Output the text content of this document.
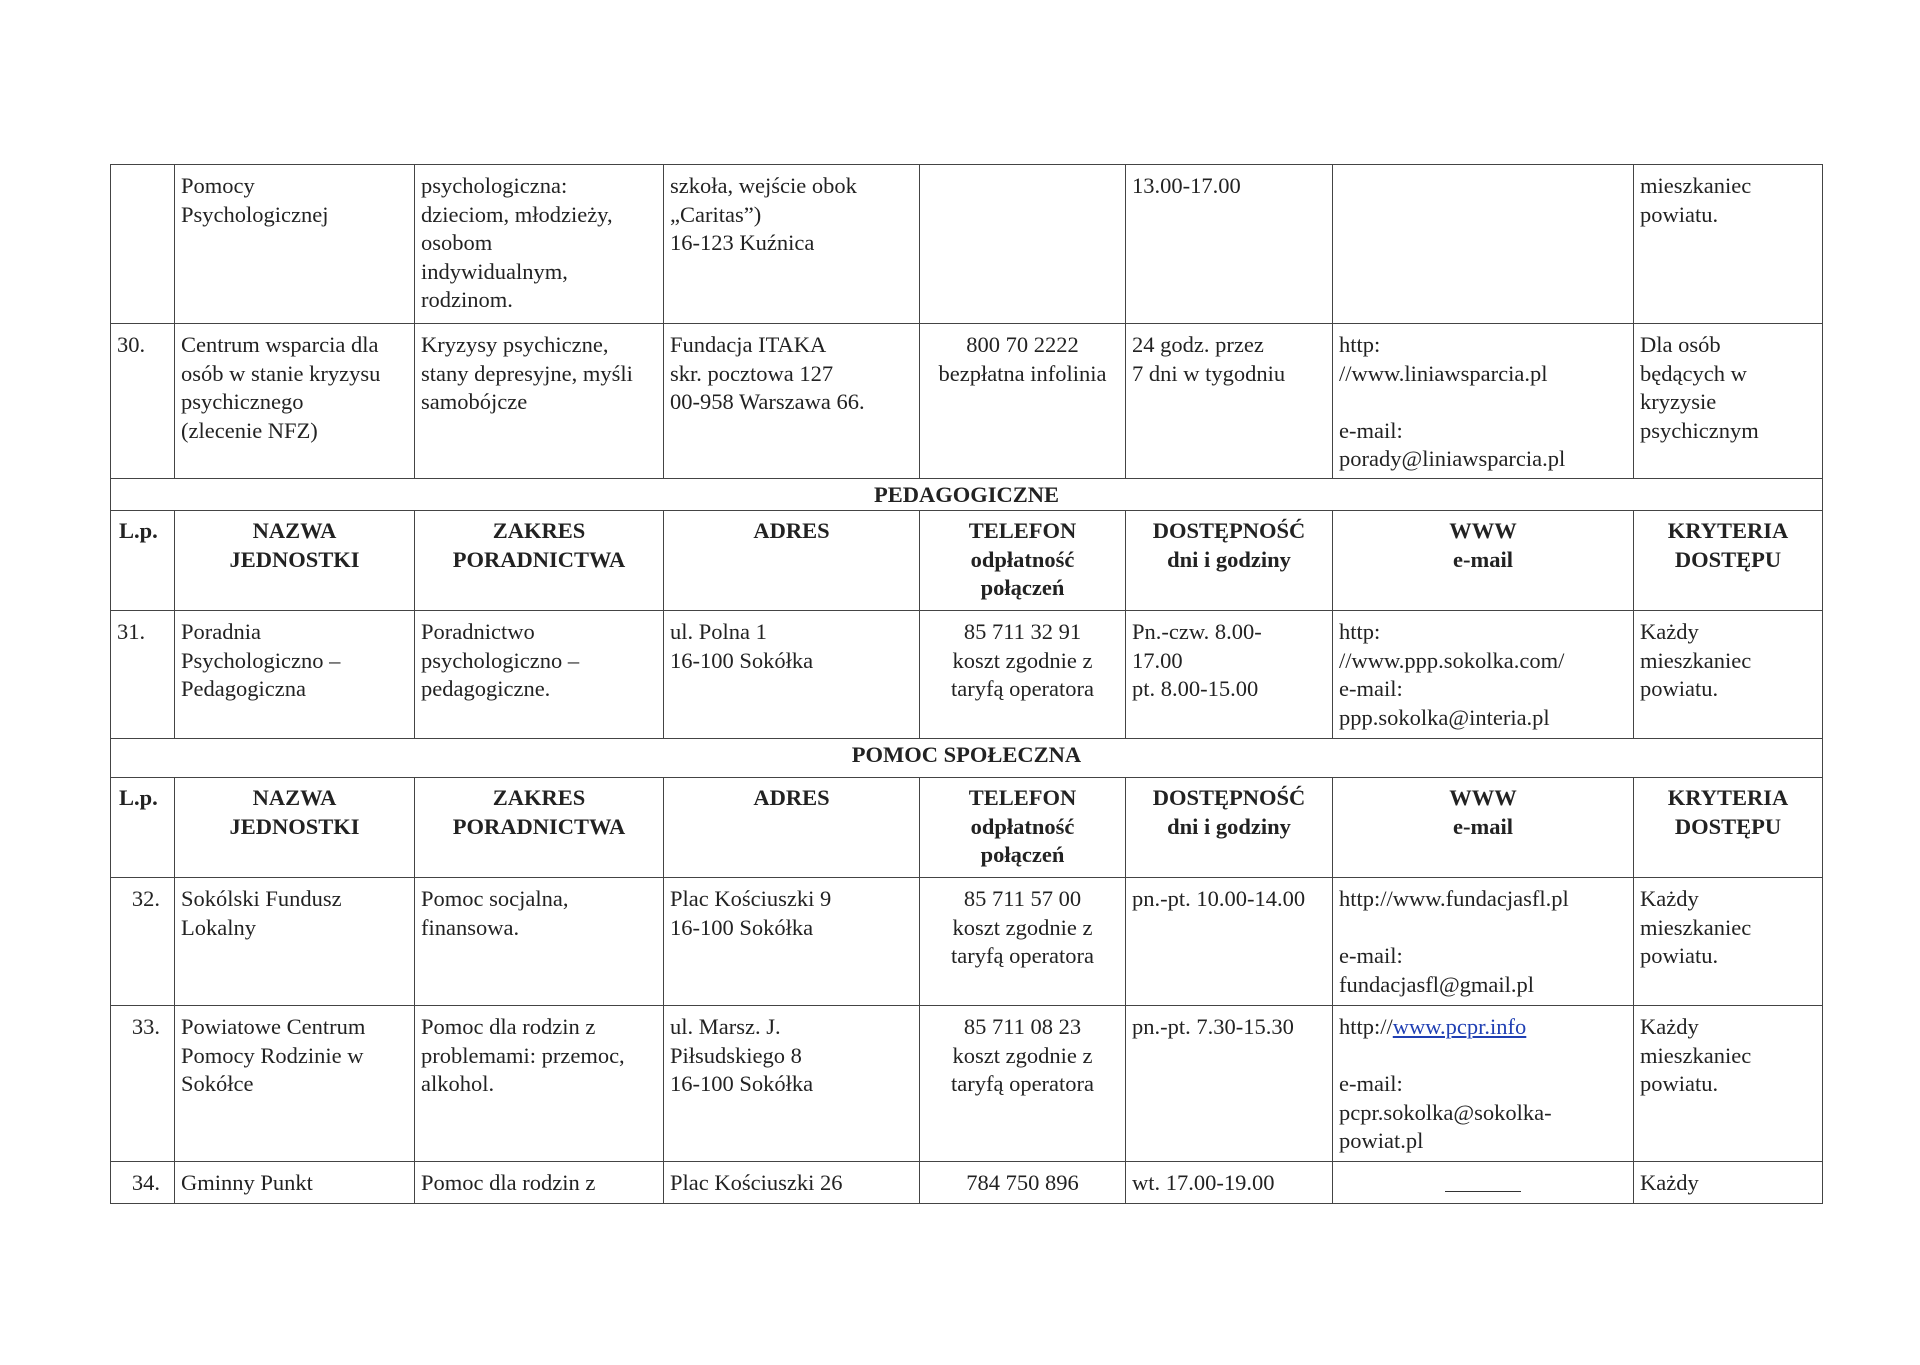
	Pomocy
Psychologicznej	psychologiczna:
dzieciom, młodzieży,
osobom
indywidualnym,
rodzinom.	szkoła, wejście obok
„Caritas”)
16-123 Kuźnica		13.00-17.00		mieszkaniec
powiatu.
30.	Centrum wsparcia dla
osób w stanie kryzysu
psychicznego
(zlecenie NFZ)	Kryzysy psychiczne,
stany depresyjne, myśli
samobójcze	Fundacja ITAKA
skr. pocztowa 127
00-958 Warszawa 66.	800 70 2222
bezpłatna infolinia	24 godz. przez
7 dni w tygodniu	http:
//www.liniawsparcia.pl

e-mail:
porady@liniawsparcia.pl	Dla osób
będących w
kryzysie
psychicznym
PEDAGOGICZNE							
L.p.	NAZWA
JEDNOSTKI	ZAKRES
PORADNICTWA	ADRES	TELEFON
odpłatność
połączeń	DOSTĘPNOŚĆ
dni i godziny	WWW
e-mail	KRYTERIA
DOSTĘPU
31.	Poradnia
Psychologiczno –
Pedagogiczna	Poradnictwo
psychologiczno –
pedagogiczne.	ul. Polna 1
16-100 Sokółka	85 711 32 91
koszt zgodnie z
taryfą operatora	Pn.-czw. 8.00-
17.00
pt. 8.00-15.00	http:
//www.ppp.sokolka.com/
e-mail:
ppp.sokolka@interia.pl	Każdy
mieszkaniec
powiatu.
POMOC SPOŁECZNA							
L.p.	NAZWA
JEDNOSTKI	ZAKRES
PORADNICTWA	ADRES	TELEFON
odpłatność
połączeń	DOSTĘPNOŚĆ
dni i godziny	WWW
e-mail	KRYTERIA
DOSTĘPU
32.	Sokólski Fundusz
Lokalny	Pomoc socjalna,
finansowa.	Plac Kościuszki 9
16-100 Sokółka	85 711 57 00
koszt zgodnie z
taryfą operatora	pn.-pt. 10.00-14.00	http://www.fundacjasfl.pl

e-mail:
fundacjasfl@gmail.pl	Każdy
mieszkaniec
powiatu.
33.	Powiatowe Centrum
Pomocy Rodzinie w
Sokółce	Pomoc dla rodzin z
problemami: przemoc,
alkohol.	ul. Marsz. J.
Piłsudskiego 8
16-100 Sokółka	85 711 08 23
koszt zgodnie z
taryfą operatora	pn.-pt. 7.30-15.30	http://www.pcpr.info

e-mail:
pcpr.sokolka@sokolka-
powiat.pl	Każdy
mieszkaniec
powiatu.
34.	Gminny Punkt	Pomoc dla rodzin z	Plac Kościuszki 26	784 750 896	wt. 17.00-19.00		Każdy
